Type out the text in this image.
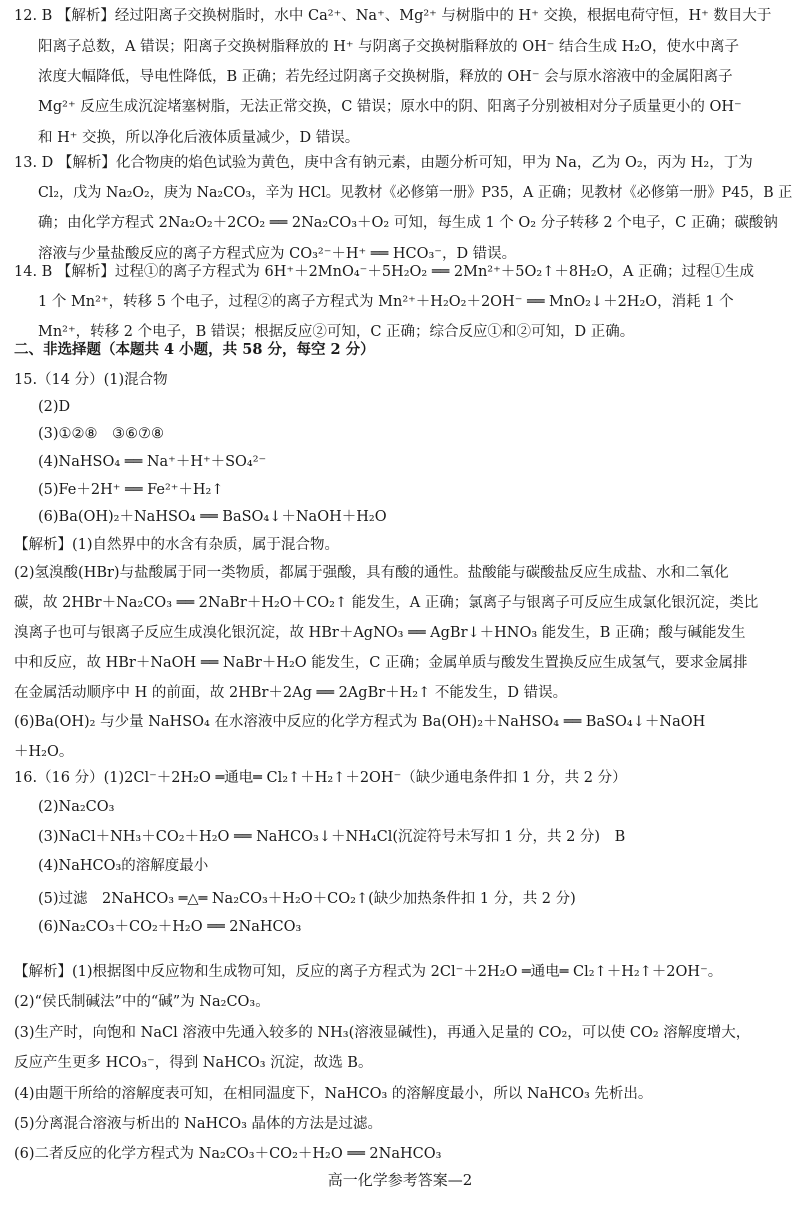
12. B 【解析】经过阳离子交换树脂时，水中 Ca²⁺、Na⁺、Mg²⁺ 与树脂中的 H⁺ 交换，根据电荷守恒，H⁺ 数目大于
阳离子总数，A 错误；阳离子交换树脂释放的 H⁺ 与阴离子交换树脂释放的 OH⁻ 结合生成 H₂O，使水中离子
浓度大幅降低，导电性降低，B 正确；若先经过阴离子交换树脂，释放的 OH⁻ 会与原水溶液中的金属阳离子
Mg²⁺ 反应生成沉淀堵塞树脂，无法正常交换，C 错误；原水中的阴、阳离子分别被相对分子质量更小的 OH⁻
和 H⁺ 交换，所以净化后液体质量减少，D 错误。
13. D 【解析】化合物庚的焰色试验为黄色，庚中含有钠元素，由题分析可知，甲为 Na，乙为 O₂，丙为 H₂，丁为
Cl₂，戊为 Na₂O₂，庚为 Na₂CO₃，辛为 HCl。见教材《必修第一册》P35，A 正确；见教材《必修第一册》P45，B 正
确；由化学方程式 2Na₂O₂＋2CO₂ ══ 2Na₂CO₃＋O₂ 可知，每生成 1 个 O₂ 分子转移 2 个电子，C 正确；碳酸钠
溶液与少量盐酸反应的离子方程式应为 CO₃²⁻＋H⁺ ══ HCO₃⁻，D 错误。
14. B 【解析】过程①的离子方程式为 6H⁺＋2MnO₄⁻＋5H₂O₂ ══ 2Mn²⁺＋5O₂↑＋8H₂O，A 正确；过程①生成
1 个 Mn²⁺，转移 5 个电子，过程②的离子方程式为 Mn²⁺＋H₂O₂＋2OH⁻ ══ MnO₂↓＋2H₂O，消耗 1 个
Mn²⁺，转移 2 个电子，B 错误；根据反应②可知，C 正确；综合反应①和②可知，D 正确。
二、非选择题（本题共 4 小题，共 58 分，每空 2 分）
15.（14 分）(1)混合物
(2)D
(3)①②⑧　③⑥⑦⑧
(4)NaHSO₄ ══ Na⁺＋H⁺＋SO₄²⁻
(5)Fe＋2H⁺ ══ Fe²⁺＋H₂↑
(6)Ba(OH)₂＋NaHSO₄ ══ BaSO₄↓＋NaOH＋H₂O
【解析】(1)自然界中的水含有杂质，属于混合物。
(2)氢溴酸(HBr)与盐酸属于同一类物质，都属于强酸，具有酸的通性。盐酸能与碳酸盐反应生成盐、水和二氧化
碳，故 2HBr＋Na₂CO₃ ══ 2NaBr＋H₂O＋CO₂↑ 能发生，A 正确；氯离子与银离子可反应生成氯化银沉淀，类比
溴离子也可与银离子反应生成溴化银沉淀，故 HBr＋AgNO₃ ══ AgBr↓＋HNO₃ 能发生，B 正确；酸与碱能发生
中和反应，故 HBr＋NaOH ══ NaBr＋H₂O 能发生，C 正确；金属单质与酸发生置换反应生成氢气，要求金属排
在金属活动顺序中 H 的前面，故 2HBr＋2Ag ══ 2AgBr＋H₂↑ 不能发生，D 错误。
(6)Ba(OH)₂ 与少量 NaHSO₄ 在水溶液中反应的化学方程式为 Ba(OH)₂＋NaHSO₄ ══ BaSO₄↓＋NaOH
＋H₂O。
16.（16 分）(1)2Cl⁻＋2H₂O ═通电═ Cl₂↑＋H₂↑＋2OH⁻（缺少通电条件扣 1 分，共 2 分）
(2)Na₂CO₃
(3)NaCl＋NH₃＋CO₂＋H₂O ══ NaHCO₃↓＋NH₄Cl(沉淀符号未写扣 1 分，共 2 分)　B
(4)NaHCO₃的溶解度最小
(5)过滤　2NaHCO₃ ═△═ Na₂CO₃＋H₂O＋CO₂↑(缺少加热条件扣 1 分，共 2 分)
(6)Na₂CO₃＋CO₂＋H₂O ══ 2NaHCO₃
【解析】(1)根据图中反应物和生成物可知，反应的离子方程式为 2Cl⁻＋2H₂O ═通电═ Cl₂↑＋H₂↑＋2OH⁻。
(2)“侯氏制碱法”中的“碱”为 Na₂CO₃。
(3)生产时，向饱和 NaCl 溶液中先通入较多的 NH₃(溶液显碱性)，再通入足量的 CO₂，可以使 CO₂ 溶解度增大，
反应产生更多 HCO₃⁻，得到 NaHCO₃ 沉淀，故选 B。
(4)由题干所给的溶解度表可知，在相同温度下，NaHCO₃ 的溶解度最小，所以 NaHCO₃ 先析出。
(5)分离混合溶液与析出的 NaHCO₃ 晶体的方法是过滤。
(6)二者反应的化学方程式为 Na₂CO₃＋CO₂＋H₂O ══ 2NaHCO₃
高一化学参考答案—2
